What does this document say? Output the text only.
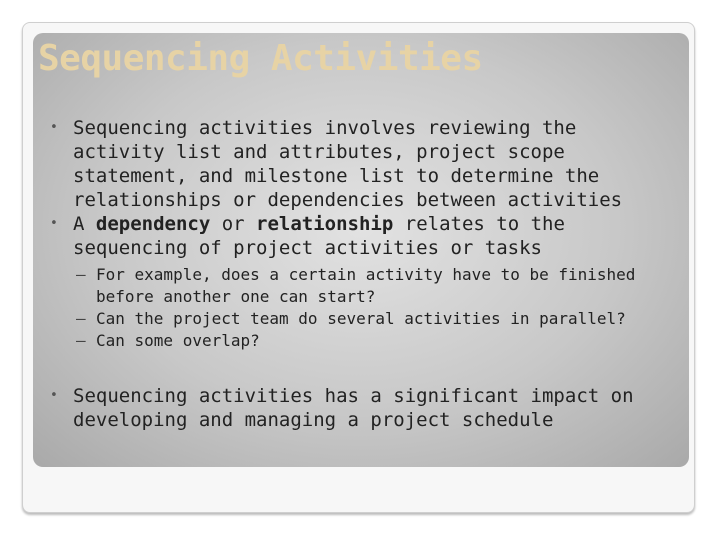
Sequencing Activities
• Sequencing activities involves reviewing the activity list and attributes, project scope statement, and milestone list to determine the relationships or dependencies between activities
• A dependency or relationship relates to the sequencing of project activities or tasks
– For example, does a certain activity have to be finished before another one can start?
– Can the project team do several activities in parallel?
– Can some overlap?
• Sequencing activities has a significant impact on developing and managing a project schedule
